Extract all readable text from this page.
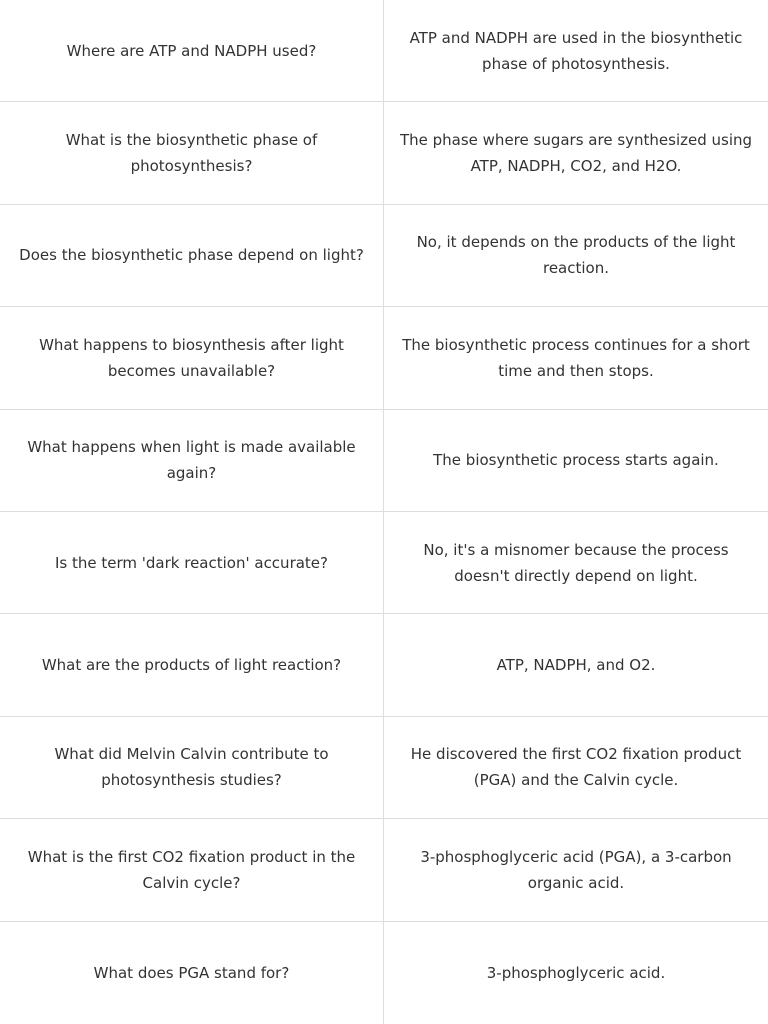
Where are ATP and NADPH used?
ATP and NADPH are used in the biosynthetic phase of photosynthesis.
What is the biosynthetic phase of photosynthesis?
The phase where sugars are synthesized using ATP, NADPH, CO2, and H2O.
Does the biosynthetic phase depend on light?
No, it depends on the products of the light reaction.
What happens to biosynthesis after light becomes unavailable?
The biosynthetic process continues for a short time and then stops.
What happens when light is made available again?
The biosynthetic process starts again.
Is the term 'dark reaction' accurate?
No, it's a misnomer because the process doesn't directly depend on light.
What are the products of light reaction?	ATP, NADPH, and O2.
What did Melvin Calvin contribute to photosynthesis studies?
He discovered the first CO2 fixation product (PGA) and the Calvin cycle.
What is the first CO2 fixation product in the Calvin cycle?
3-phosphoglyceric acid (PGA), a 3-carbon organic acid.
What does PGA stand for?	3-phosphoglyceric acid.
